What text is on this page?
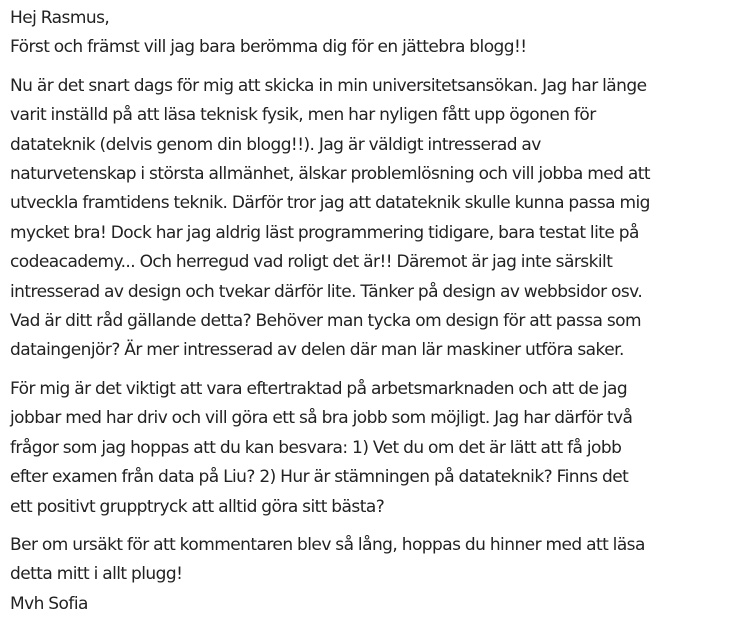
Hej Rasmus,
Först och främst vill jag bara berömma dig för en jättebra blogg!!

Nu är det snart dags för mig att skicka in min universitetsansökan. Jag har länge
varit inställd på att läsa teknisk fysik, men har nyligen fått upp ögonen för
datateknik (delvis genom din blogg!!). Jag är väldigt intresserad av
naturvetenskap i största allmänhet, älskar problemlösning och vill jobba med att
utveckla framtidens teknik. Därför tror jag att datateknik skulle kunna passa mig
mycket bra! Dock har jag aldrig läst programmering tidigare, bara testat lite på
codeacademy... Och herregud vad roligt det är!! Däremot är jag inte särskilt
intresserad av design och tvekar därför lite. Tänker på design av webbsidor osv.
Vad är ditt råd gällande detta? Behöver man tycka om design för att passa som
dataingenjör? Är mer intresserad av delen där man lär maskiner utföra saker.

För mig är det viktigt att vara eftertraktad på arbetsmarknaden och att de jag
jobbar med har driv och vill göra ett så bra jobb som möjligt. Jag har därför två
frågor som jag hoppas att du kan besvara: 1) Vet du om det är lätt att få jobb
efter examen från data på Liu? 2) Hur är stämningen på datateknik? Finns det
ett positivt grupptryck att alltid göra sitt bästa?

Ber om ursäkt för att kommentaren blev så lång, hoppas du hinner med att läsa
detta mitt i allt plugg!
Mvh Sofia
